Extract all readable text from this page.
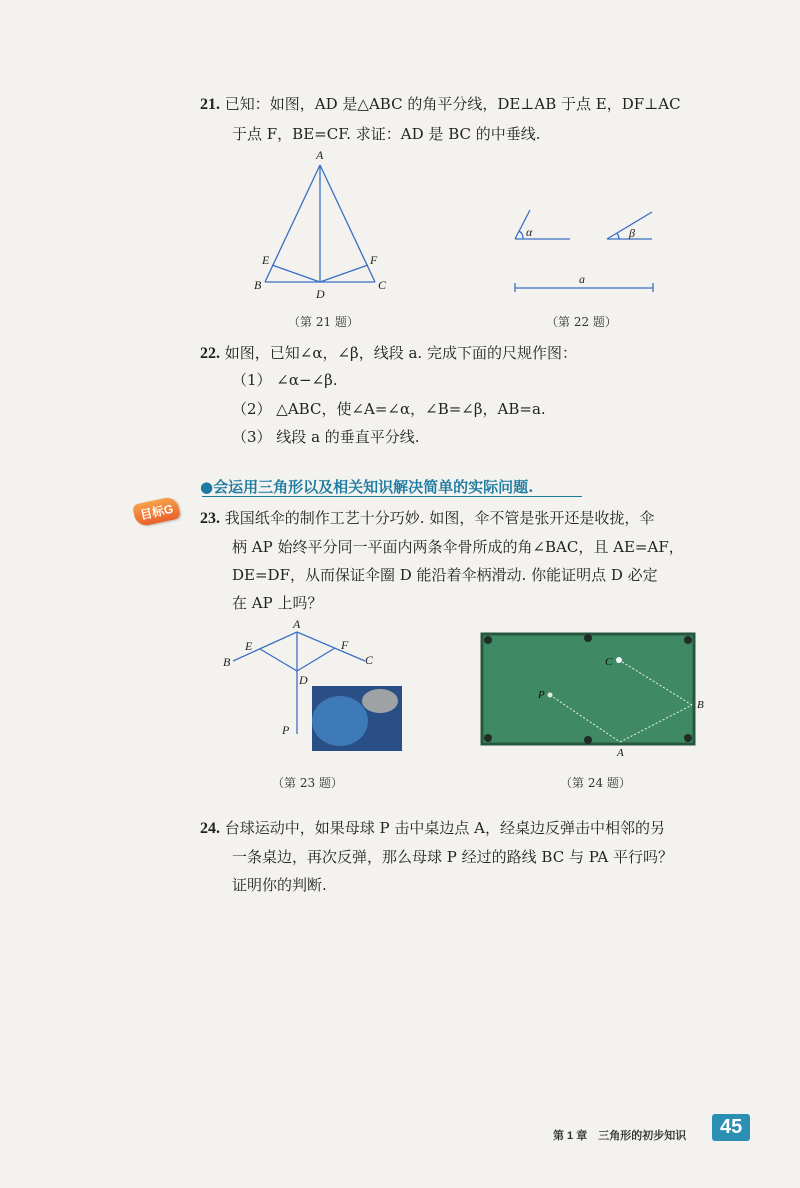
21. 已知：如图，AD 是△ABC 的角平分线，DE⊥AB 于点 E，DF⊥AC
于点 F，BE=CF. 求证：AD 是 BC 的中垂线.
A
B	C
D
E	F
（第 21 题）
α	β
a
（第 22 题）
22. 如图，已知∠α，∠β，线段 a. 完成下面的尺规作图：
（1） ∠α−∠β.
（2） △ABC，使∠A=∠α，∠B=∠β，AB=a.
（3） 线段 a 的垂直平分线.
●会运用三角形以及相关知识解决简单的实际问题.
目标G	23. 我国纸伞的制作工艺十分巧妙. 如图，伞不管是张开还是收拢，伞
柄 AP 始终平分同一平面内两条伞骨所成的角∠BAC，且 AE=AF，
DE=DF，从而保证伞圈 D 能沿着伞柄滑动. 你能证明点 D 必定
在 AP 上吗？
A
B	C
D
E	F
P
（第 23 题）
P
C
B
A
（第 24 题）
24. 台球运动中，如果母球 P 击中桌边点 A，经桌边反弹击中相邻的另
一条桌边，再次反弹，那么母球 P 经过的路线 BC 与 PA 平行吗？
证明你的判断.
第 1 章　三角形的初步知识	45
